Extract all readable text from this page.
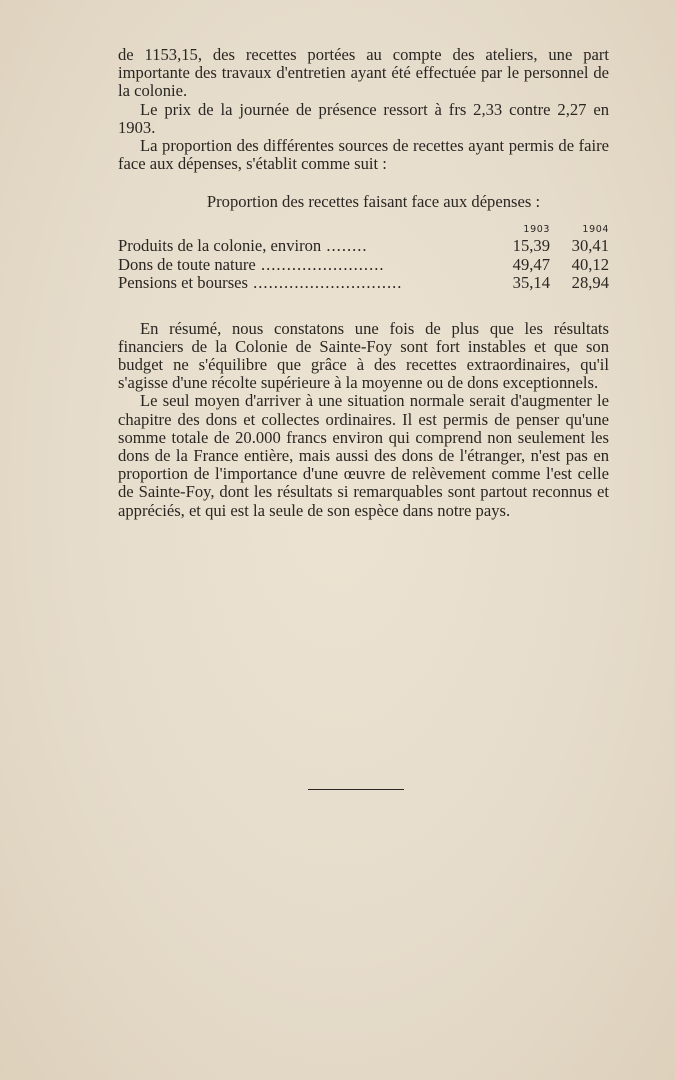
de 1153,15, des recettes portées au compte des ateliers, une part importante des travaux d'entretien ayant été effectuée par le personnel de la colonie.

Le prix de la journée de présence ressort à frs 2,33 contre 2,27 en 1903.

La proportion des différentes sources de recettes ayant permis de faire face aux dépenses, s'établit comme suit :

Proportion des recettes faisant face aux dépenses :

	1903	1904
Produits de la colonie, environ ........	15,39	30,41
Dons de toute nature ........................	49,47	40,12
Pensions et bourses .............................	35,14	28,94

En résumé, nous constatons une fois de plus que les résultats financiers de la Colonie de Sainte-Foy sont fort instables et que son budget ne s'équilibre que grâce à des recettes extraordinaires, qu'il s'agisse d'une récolte supérieure à la moyenne ou de dons exceptionnels.

Le seul moyen d'arriver à une situation normale serait d'augmenter le chapitre des dons et collectes ordinaires. Il est permis de penser qu'une somme totale de 20.000 francs environ qui comprend non seulement les dons de la France entière, mais aussi des dons de l'étranger, n'est pas en proportion de l'importance d'une œuvre de relèvement comme l'est celle de Sainte-Foy, dont les résultats si remarquables sont partout reconnus et appréciés, et qui est la seule de son espèce dans notre pays.
